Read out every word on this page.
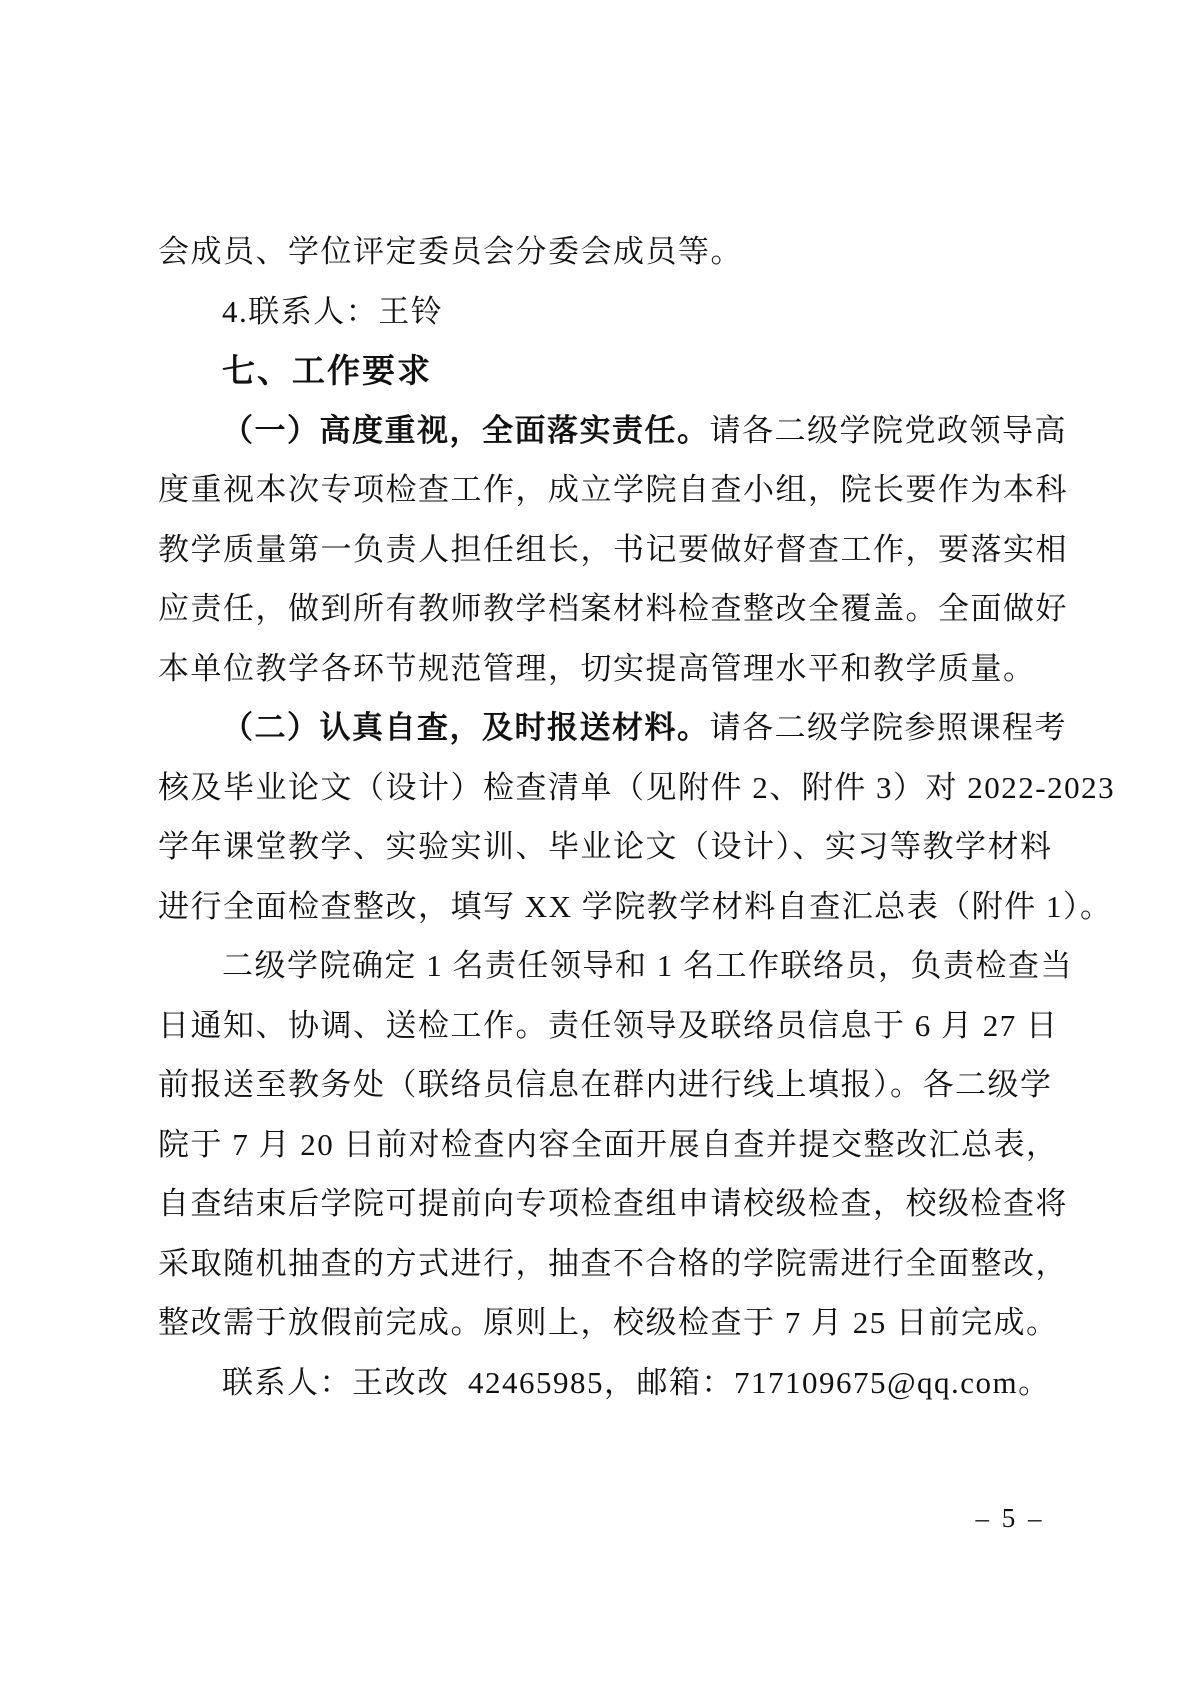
会成员、学位评定委员会分委会成员等。
4.联系人：王铃
七、工作要求
（一）高度重视，全面落实责任。请各二级学院党政领导高
度重视本次专项检查工作，成立学院自查小组，院长要作为本科
教学质量第一负责人担任组长，书记要做好督查工作，要落实相
应责任，做到所有教师教学档案材料检查整改全覆盖。全面做好
本单位教学各环节规范管理，切实提高管理水平和教学质量。
（二）认真自查，及时报送材料。请各二级学院参照课程考
核及毕业论文（设计）检查清单（见附件 2、附件 3）对 2022-2023
学年课堂教学、实验实训、毕业论文（设计）、实习等教学材料
进行全面检查整改，填写 XX 学院教学材料自查汇总表（附件 1）。
二级学院确定 1 名责任领导和 1 名工作联络员，负责检查当
日通知、协调、送检工作。责任领导及联络员信息于 6 月 27 日
前报送至教务处（联络员信息在群内进行线上填报）。各二级学
院于 7 月 20 日前对检查内容全面开展自查并提交整改汇总表，
自查结束后学院可提前向专项检查组申请校级检查，校级检查将
采取随机抽查的方式进行，抽查不合格的学院需进行全面整改，
整改需于放假前完成。原则上，校级检查于 7 月 25 日前完成。
联系人：王改改  42465985，邮箱：717109675@qq.com。
– 5 –
